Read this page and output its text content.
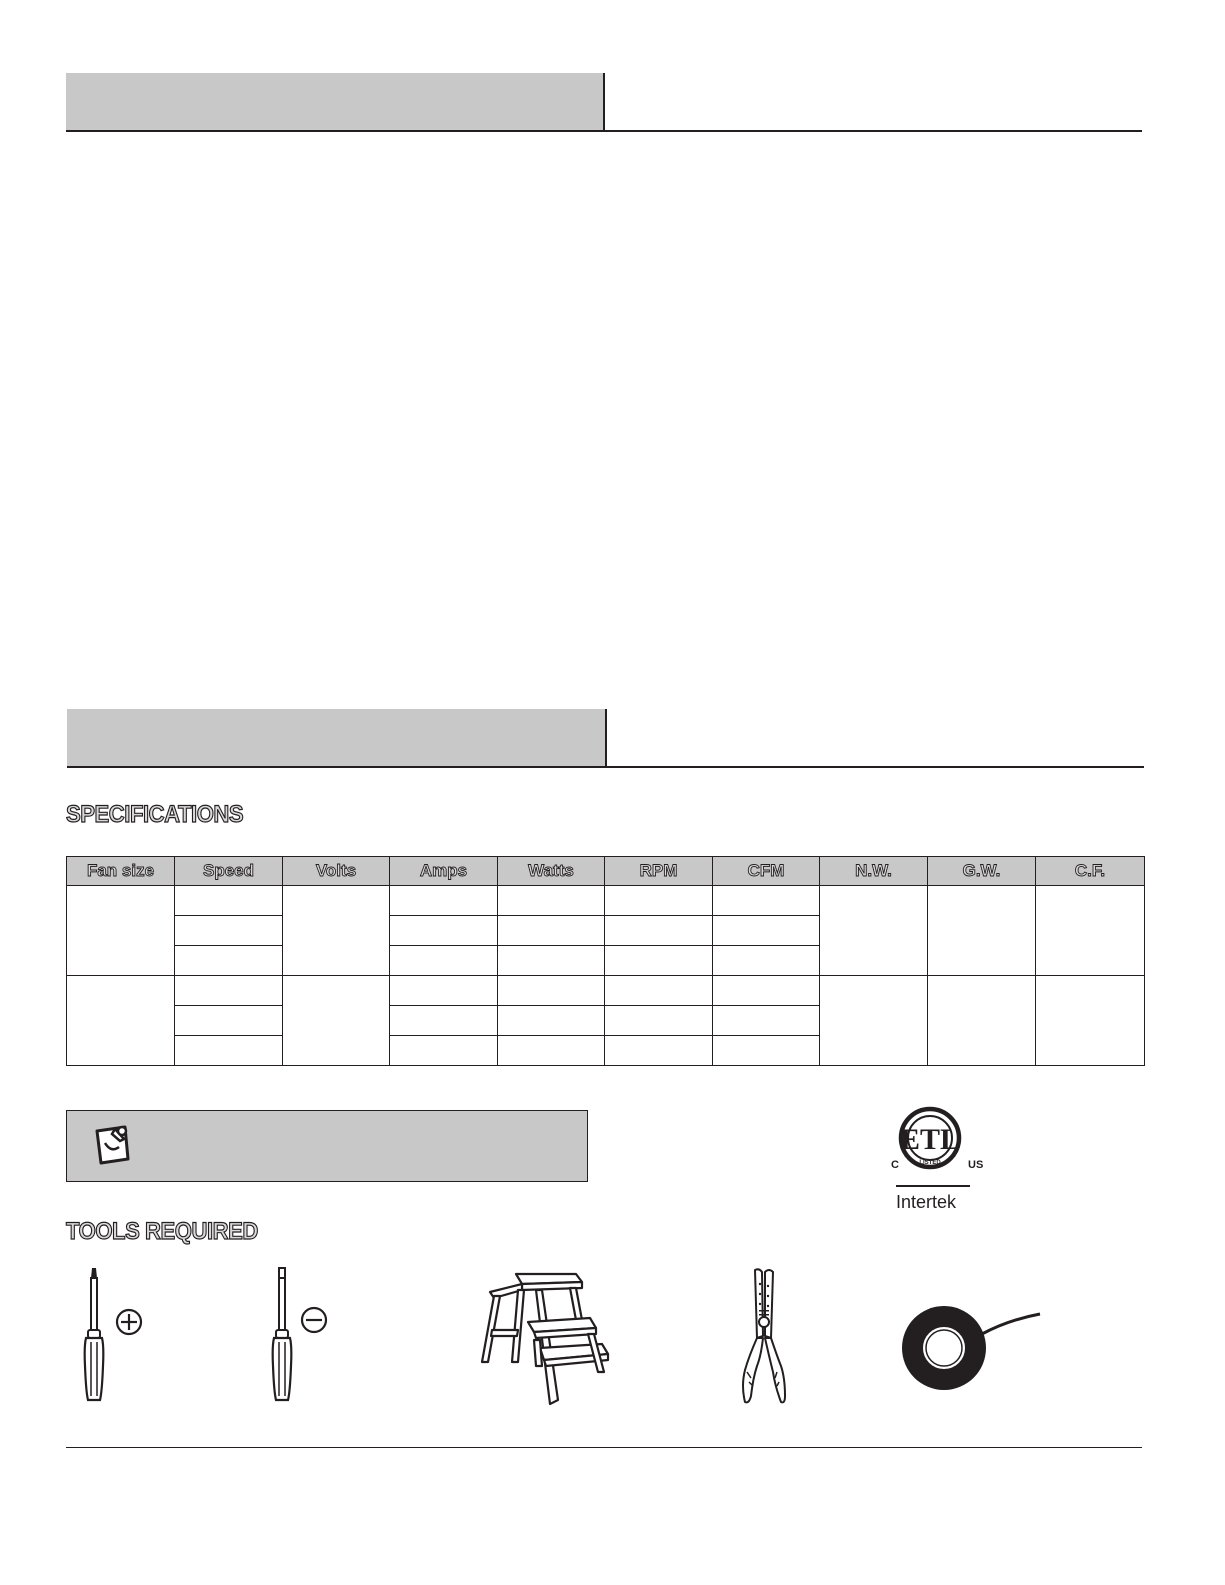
SPECIFICATIONS
Fan size	Speed	Volts	Amps	Watts	RPM	CFM	N.W.	G.W.	C.F.

ETL
LISTED
C	US
Intertek
TOOLS REQUIRED
